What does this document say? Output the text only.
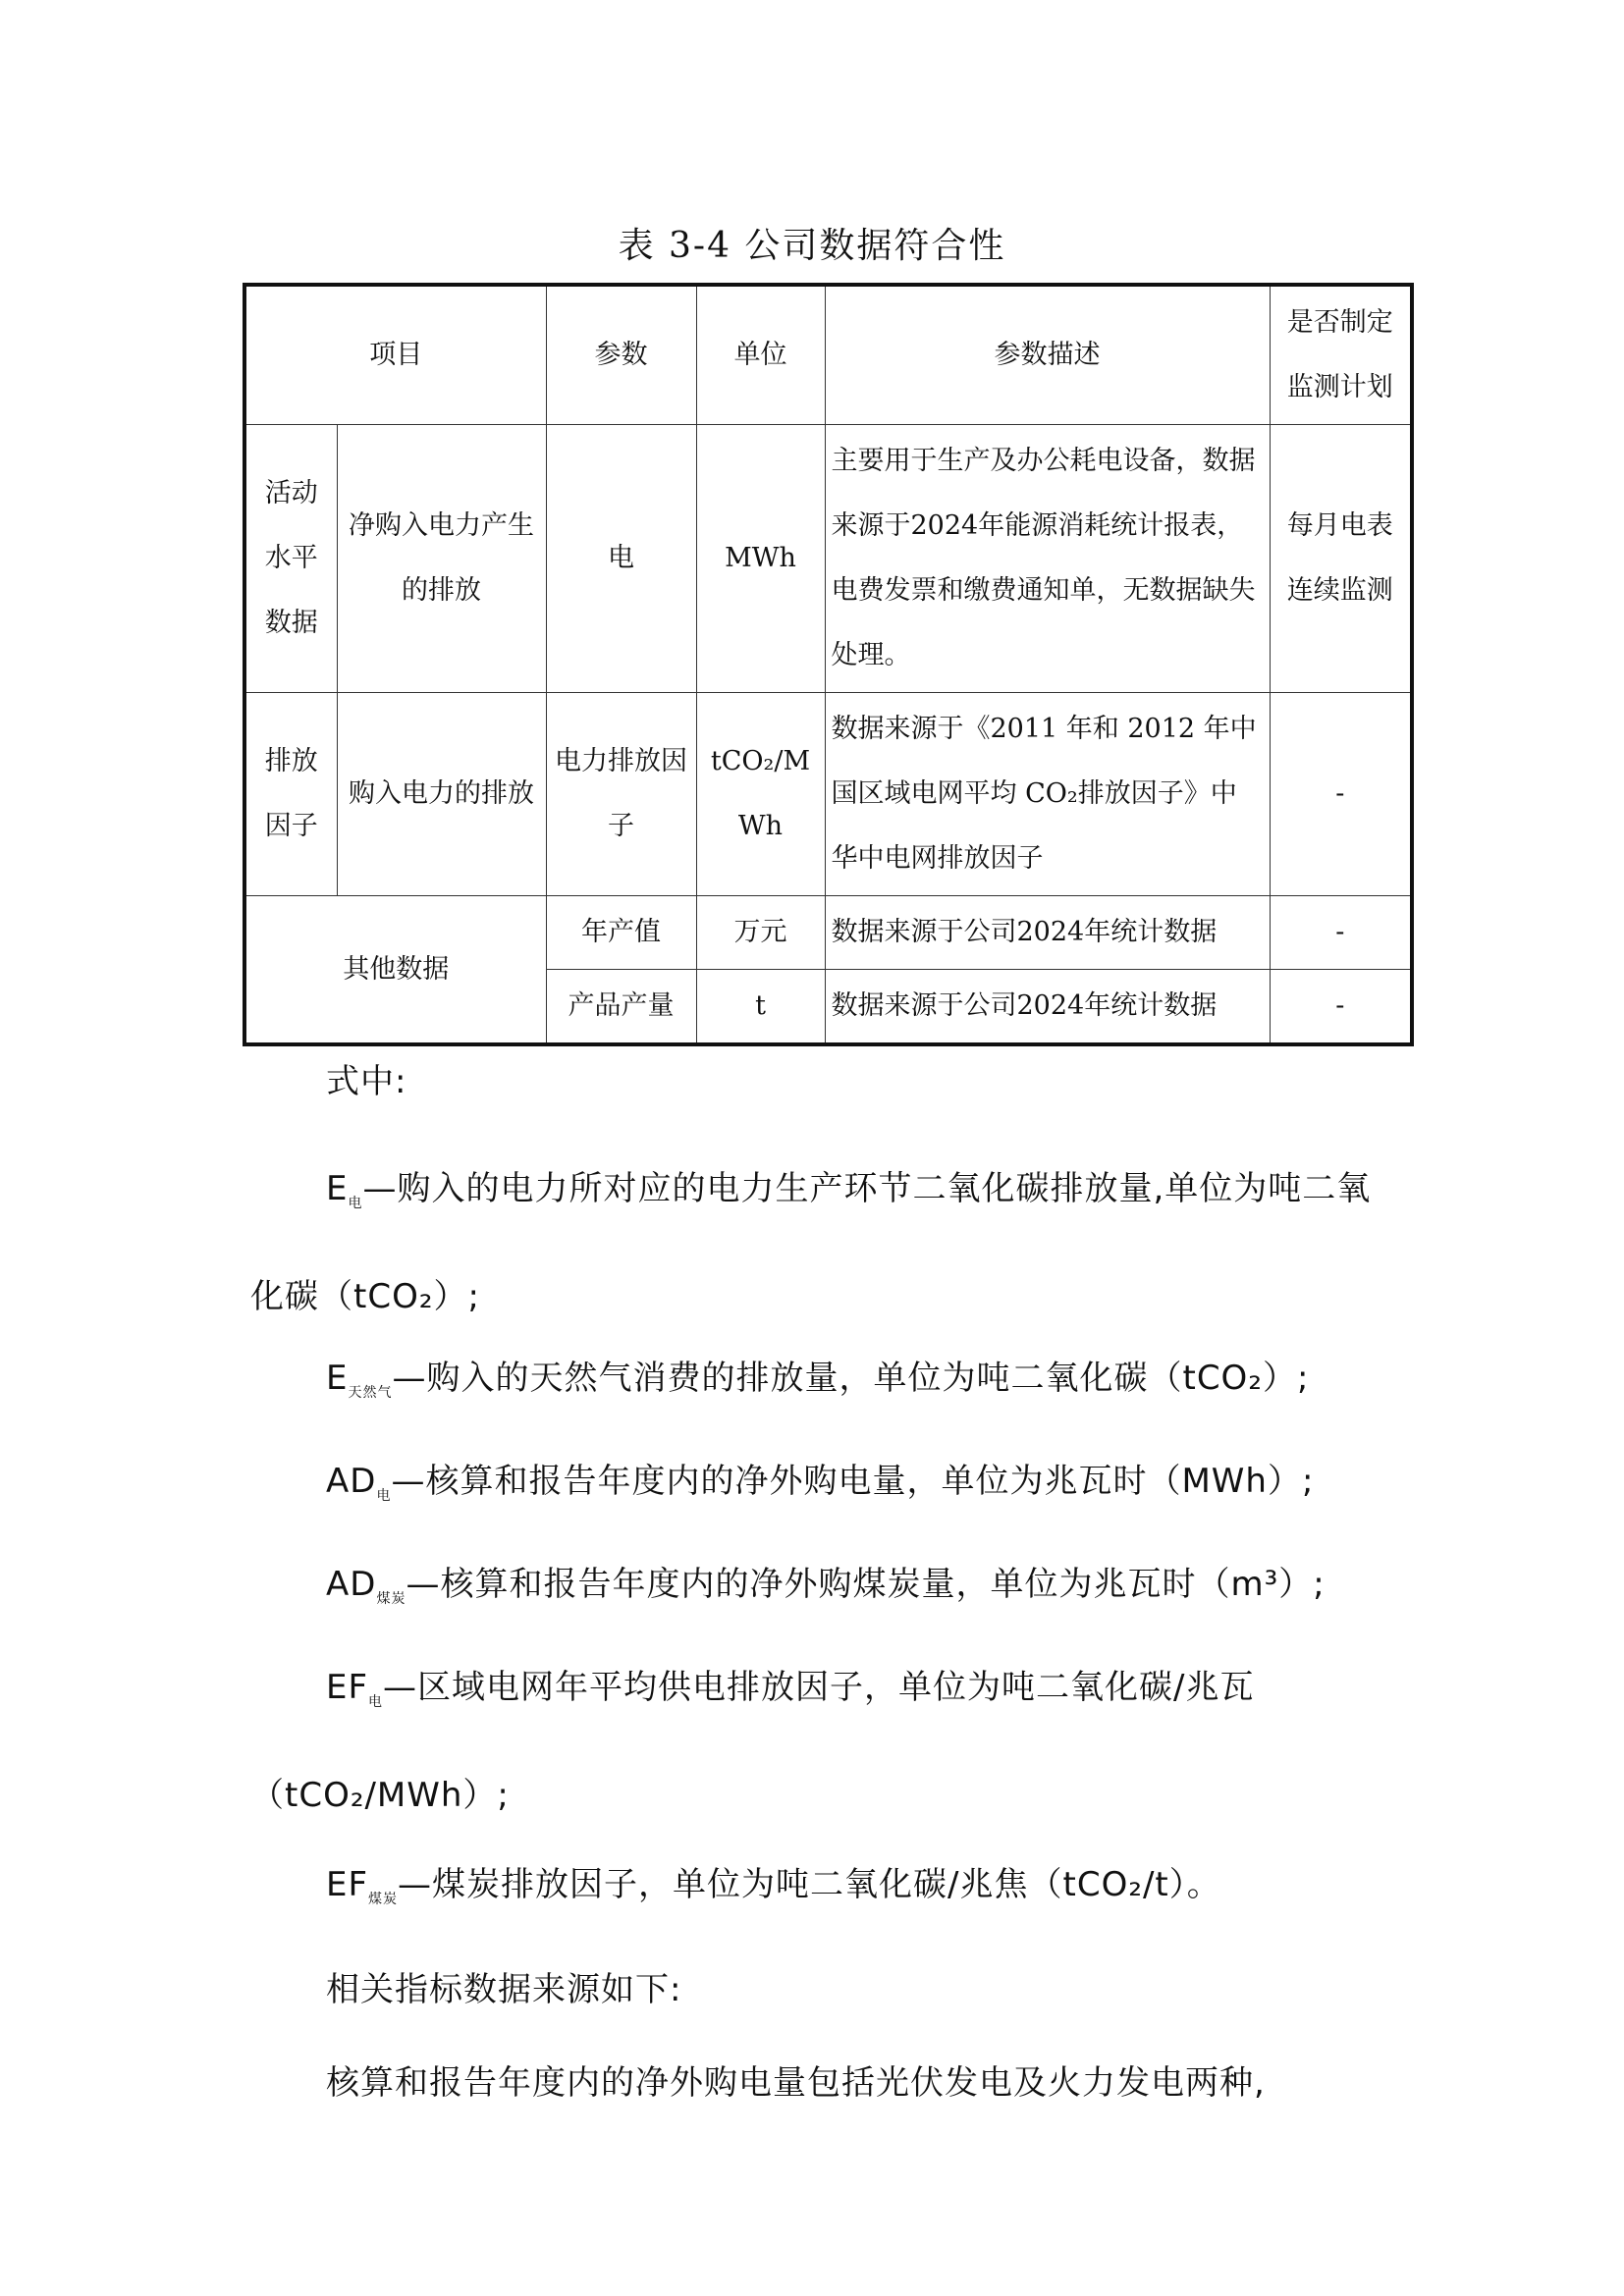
表 3-4 公司数据符合性
项目		参数	单位	参数描述	是否制定监测计划
活动水平数据	净购入电力产生的排放	电	MWh	主要用于生产及办公耗电设备，数据来源于2024年能源消耗统计报表，电费发票和缴费通知单，无数据缺失处理。	每月电表连续监测
排放因子	购入电力的排放	电力排放因子	tCO₂/MWh	数据来源于《2011 年和 2012 年中国区域电网平均 CO₂排放因子》中华中电网排放因子	-
其他数据		年产值	万元	数据来源于公司2024年统计数据	-
		产品产量	t	数据来源于公司2024年统计数据	-
式中:
$E_电—$购入的电力所对应的电力生产环节二氧化碳排放量,单位为吨二氧化碳（tCO₂）;
$E_{天然气}—$购入的天然气消费的排放量，单位为吨二氧化碳（tCO₂）;
$AD_电—$核算和报告年度内的净外购电量，单位为兆瓦时（MWh）;
$AD_{煤炭}—$核算和报告年度内的净外购煤炭量，单位为兆瓦时（m³）;
$EF_电—$区域电网年平均供电排放因子，单位为吨二氧化碳/兆瓦（tCO₂/MWh）;
$EF_{煤炭}—$煤炭排放因子，单位为吨二氧化碳/兆焦（tCO₂/t）。
相关指标数据来源如下:
核算和报告年度内的净外购电量包括光伏发电及火力发电两种,
